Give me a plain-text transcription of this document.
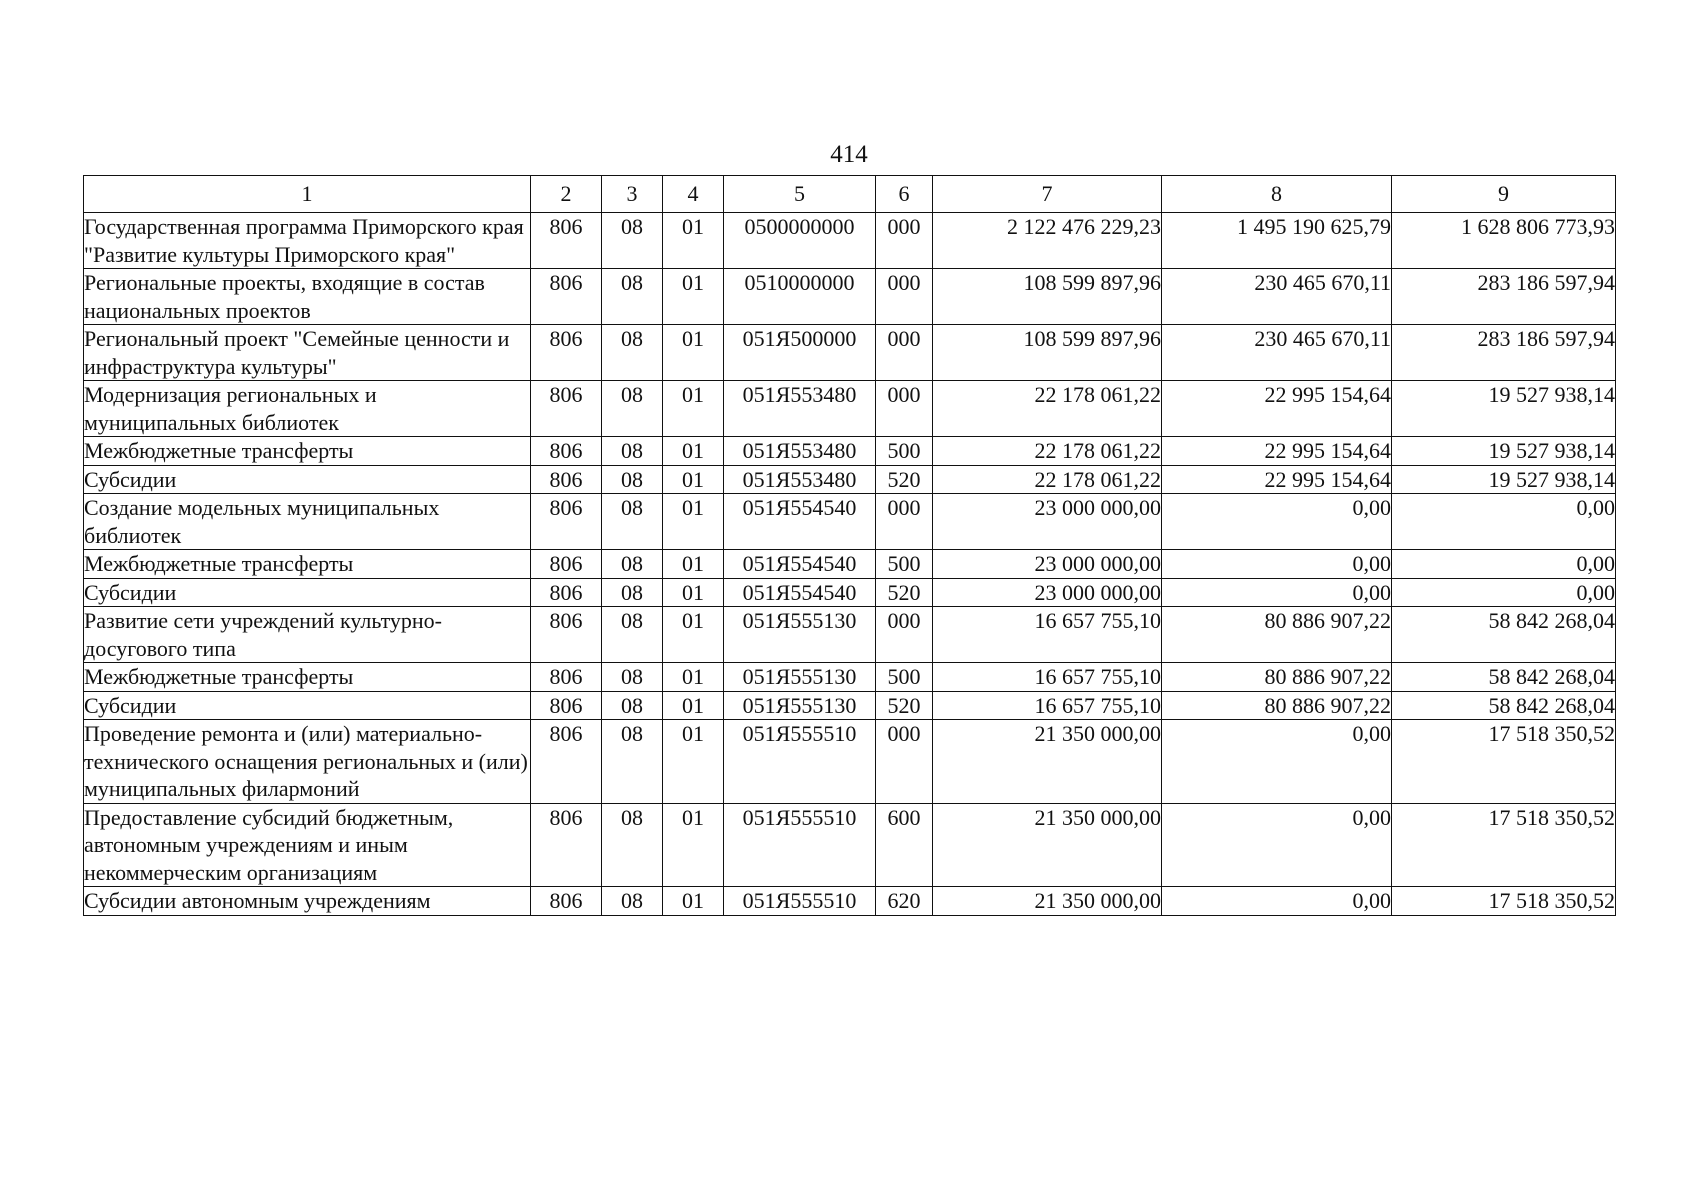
414
1	2	3	4	5	6	7	8	9
Государственная программа Приморского края "Развитие культуры Приморского края"	806	08	01	0500000000	000	2 122 476 229,23	1 495 190 625,79	1 628 806 773,93
Региональные проекты, входящие в состав национальных проектов	806	08	01	0510000000	000	108 599 897,96	230 465 670,11	283 186 597,94
Региональный проект "Семейные ценности и инфраструктура культуры"	806	08	01	051Я500000	000	108 599 897,96	230 465 670,11	283 186 597,94
Модернизация региональных и муниципальных библиотек	806	08	01	051Я553480	000	22 178 061,22	22 995 154,64	19 527 938,14
Межбюджетные трансферты	806	08	01	051Я553480	500	22 178 061,22	22 995 154,64	19 527 938,14
Субсидии	806	08	01	051Я553480	520	22 178 061,22	22 995 154,64	19 527 938,14
Создание модельных муниципальных библиотек	806	08	01	051Я554540	000	23 000 000,00	0,00	0,00
Межбюджетные трансферты	806	08	01	051Я554540	500	23 000 000,00	0,00	0,00
Субсидии	806	08	01	051Я554540	520	23 000 000,00	0,00	0,00
Развитие сети учреждений культурно-досугового типа	806	08	01	051Я555130	000	16 657 755,10	80 886 907,22	58 842 268,04
Межбюджетные трансферты	806	08	01	051Я555130	500	16 657 755,10	80 886 907,22	58 842 268,04
Субсидии	806	08	01	051Я555130	520	16 657 755,10	80 886 907,22	58 842 268,04
Проведение ремонта и (или) материально-технического оснащения региональных и (или) муниципальных филармоний	806	08	01	051Я555510	000	21 350 000,00	0,00	17 518 350,52
Предоставление субсидий бюджетным, автономным учреждениям и иным некоммерческим организациям	806	08	01	051Я555510	600	21 350 000,00	0,00	17 518 350,52
Субсидии автономным учреждениям	806	08	01	051Я555510	620	21 350 000,00	0,00	17 518 350,52
